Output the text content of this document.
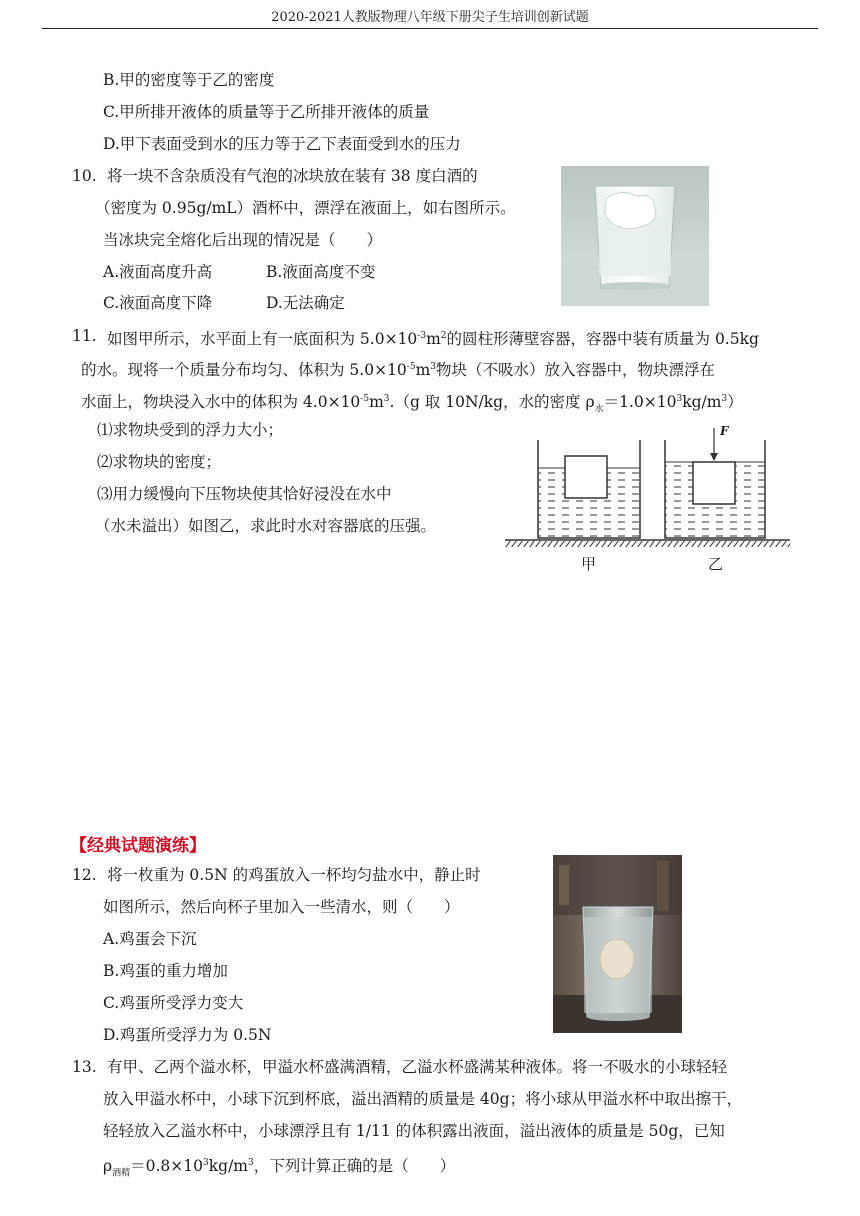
2020-2021人教版物理八年级下册尖子生培训创新试题
B.甲的密度等于乙的密度
C.甲所排开液体的质量等于乙所排开液体的质量
D.甲下表面受到水的压力等于乙下表面受到水的压力
10. 将一块不含杂质没有气泡的冰块放在装有 38 度白酒的
（密度为 0.95g/mL）酒杯中，漂浮在液面上，如右图所示。
当冰块完全熔化后出现的情况是（　　）
A.液面高度升高	B.液面高度不变
C.液面高度下降	D.无法确定
11. 如图甲所示，水平面上有一底面积为 $5.0\times 10^{-3}m^2$的圆柱形薄壁容器，容器中装有质量为 0.5kg
的水。现将一个质量分布均匀、体积为 $5.0\times 10^{-5}m^3$物块（不吸水）放入容器中，物块漂浮在
水面上，物块浸入水中的体积为 $4.0\times 10^{-5}m^3.(g$ 取 10N/kg，水的密度 $\rho_水=1.0\times 10^3kg/m^3$）
⑴求物块受到的浮力大小；
⑵求物块的密度；
⑶用力缓慢向下压物块使其恰好浸没在水中
（水未溢出）如图乙，求此时水对容器底的压强。
F
甲	乙
【经典试题演练】
12. 将一枚重为 0.5N 的鸡蛋放入一杯均匀盐水中，静止时
如图所示，然后向杯子里加入一些清水，则（　　）
A.鸡蛋会下沉
B.鸡蛋的重力增加
C.鸡蛋所受浮力变大
D.鸡蛋所受浮力为 0.5N
13. 有甲、乙两个溢水杯，甲溢水杯盛满酒精，乙溢水杯盛满某种液体。将一不吸水的小球轻轻
放入甲溢水杯中，小球下沉到杯底，溢出酒精的质量是 40g；将小球从甲溢水杯中取出擦干，
轻轻放入乙溢水杯中，小球漂浮且有 1/11 的体积露出液面，溢出液体的质量是 50g，已知
$\rho_{酒精}=0.8\times 10^3kg/m^3$，下列计算正确的是（　　）
